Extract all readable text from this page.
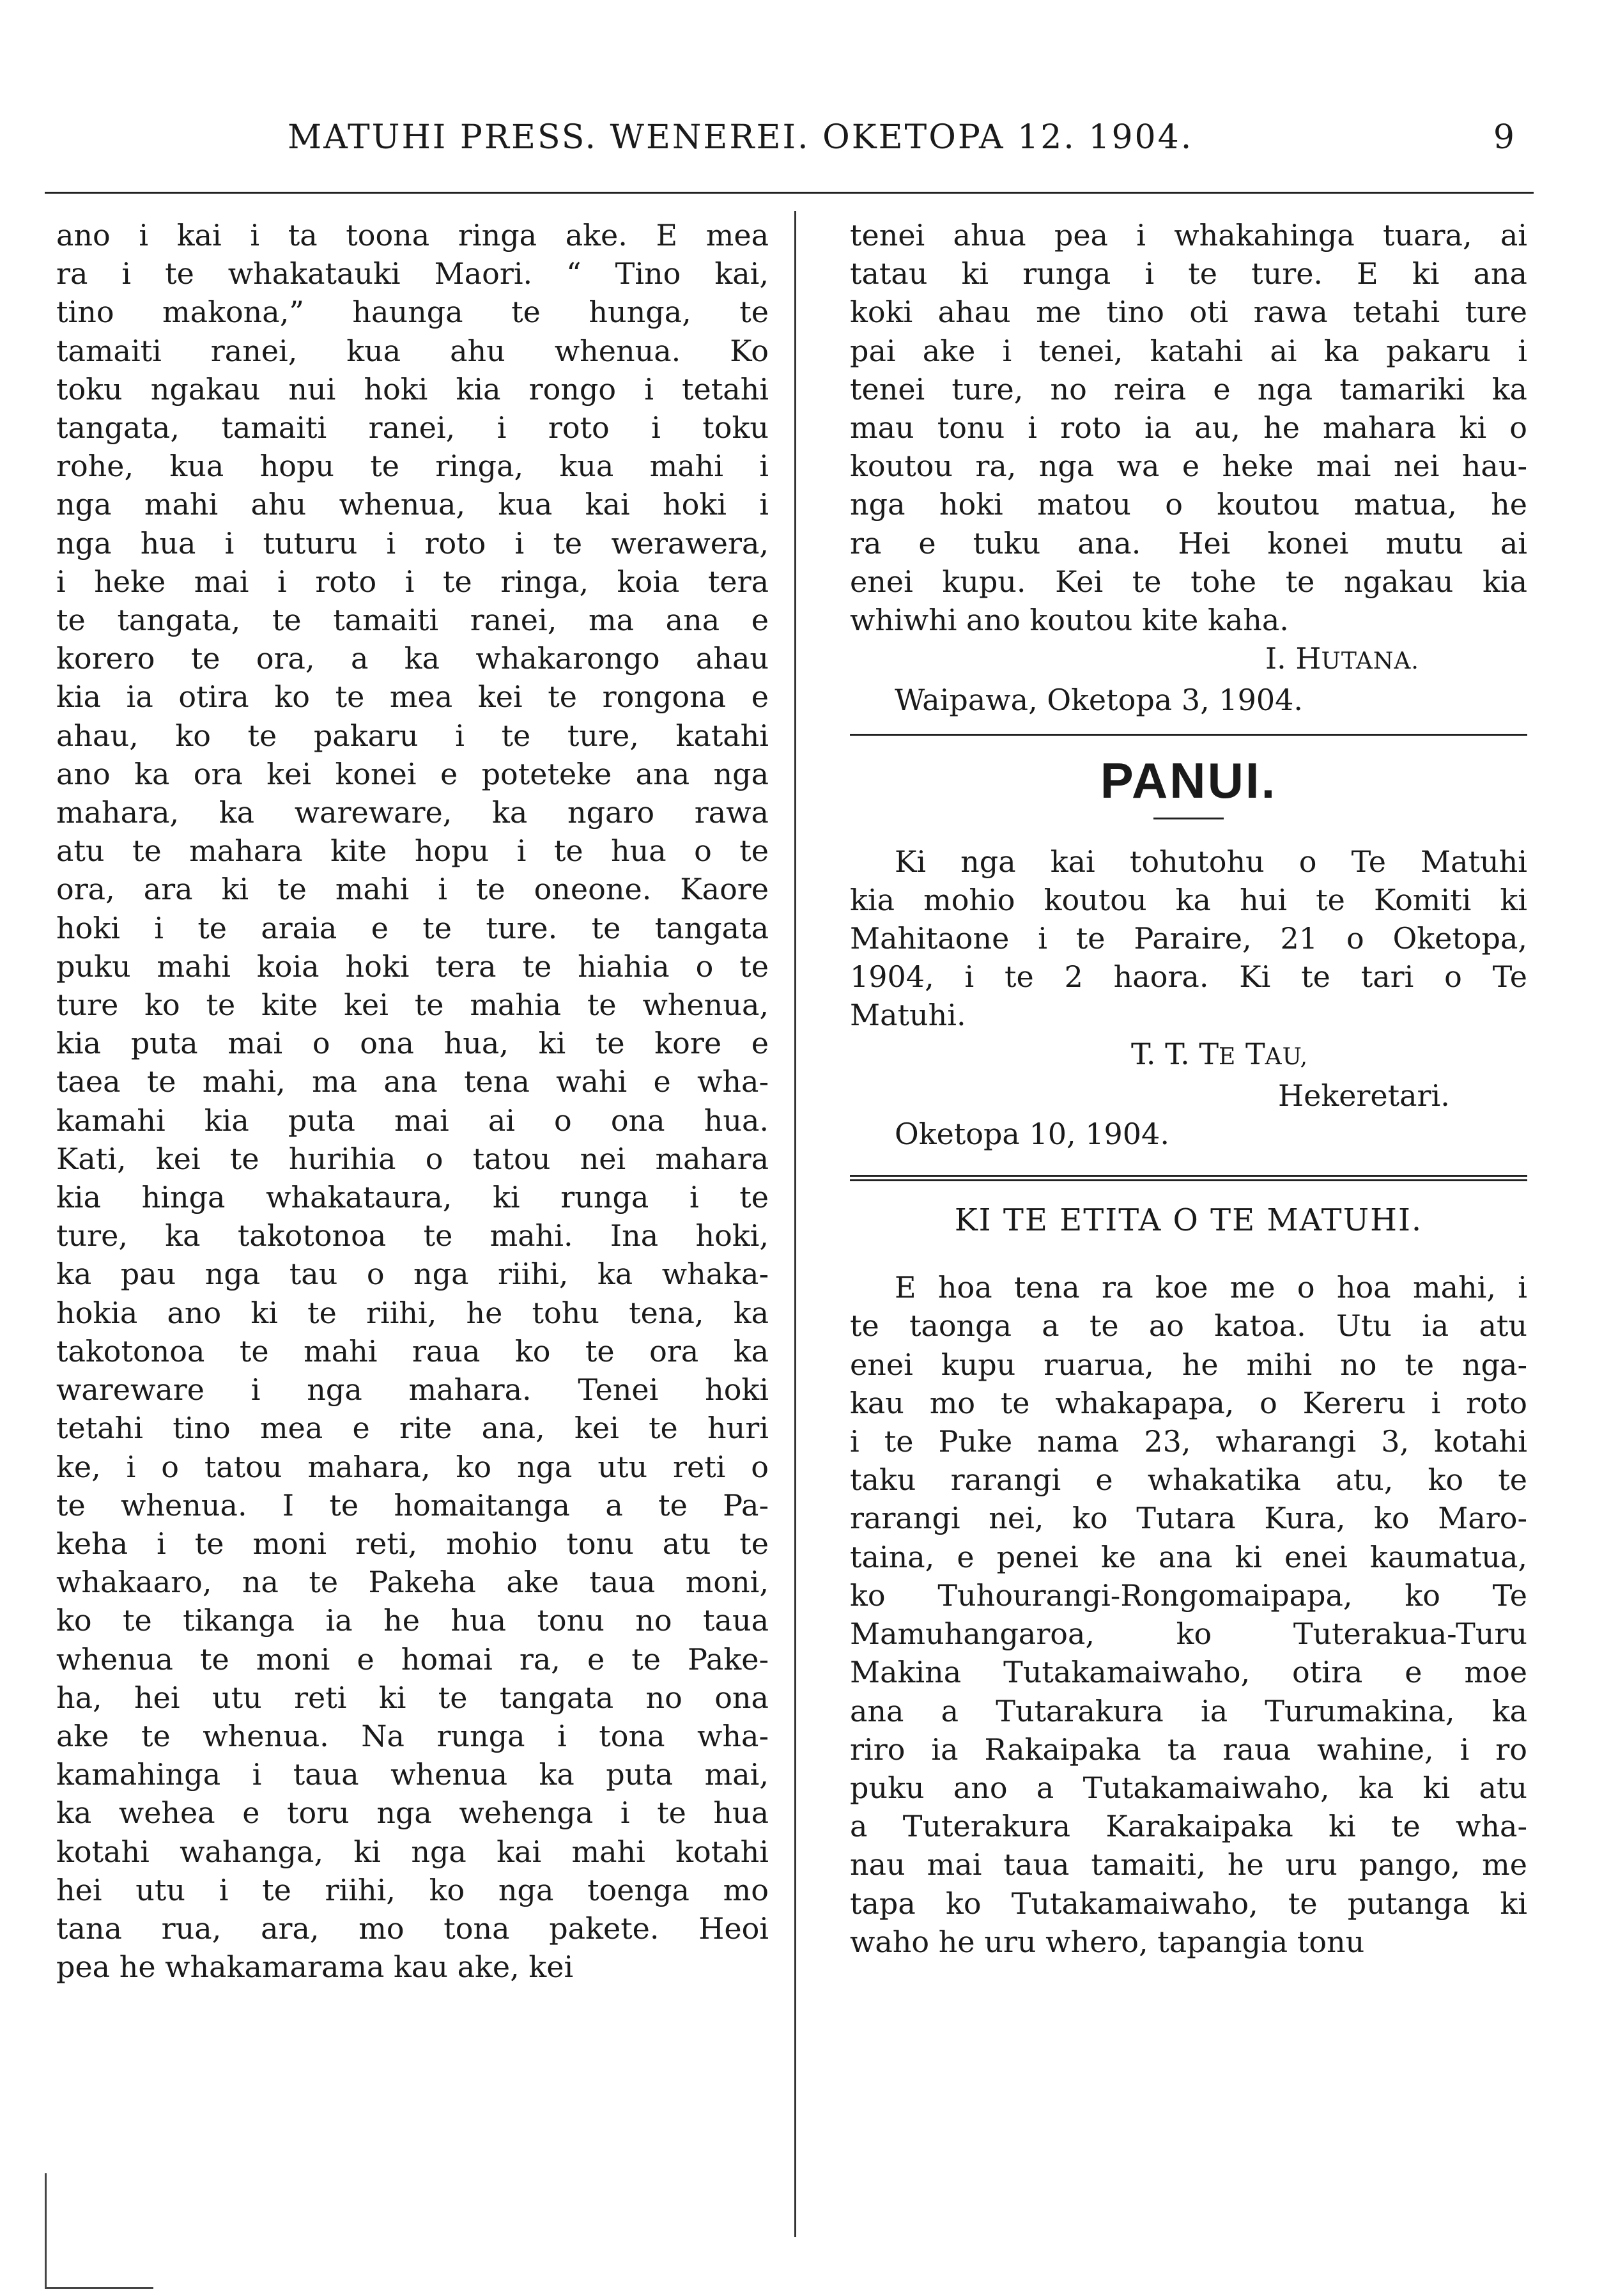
MATUHI PRESS. WENEREI. OKETOPA 12. 1904.	9
ano i kai i ta toona ringa ake. E mea
ra i te whakatauki Maori. “ Tino kai,
tino makona,” haunga te hunga, te
tamaiti ranei, kua ahu whenua. Ko
toku ngakau nui hoki kia rongo i tetahi
tangata, tamaiti ranei, i roto i toku
rohe, kua hopu te ringa, kua mahi i
nga mahi ahu whenua, kua kai hoki i
nga hua i tuturu i roto i te werawera,
i heke mai i roto i te ringa, koia tera
te tangata, te tamaiti ranei, ma ana e
korero te ora, a ka whakarongo ahau
kia ia otira ko te mea kei te rongona e
ahau, ko te pakaru i te ture, katahi
ano ka ora kei konei e poteteke ana nga
mahara, ka wareware, ka ngaro rawa
atu te mahara kite hopu i te hua o te
ora, ara ki te mahi i te oneone. Kaore
hoki i te araia e te ture. te tangata
puku mahi koia hoki tera te hiahia o te
ture ko te kite kei te mahia te whenua,
kia puta mai o ona hua, ki te kore e
taea te mahi, ma ana tena wahi e wha-
kamahi kia puta mai ai o ona hua.
Kati, kei te hurihia o tatou nei mahara
kia hinga whakataura, ki runga i te
ture, ka takotonoa te mahi. Ina hoki,
ka pau nga tau o nga riihi, ka whaka-
hokia ano ki te riihi, he tohu tena, ka
takotonoa te mahi raua ko te ora ka
wareware i nga mahara. Tenei hoki
tetahi tino mea e rite ana, kei te huri
ke, i o tatou mahara, ko nga utu reti o
te whenua. I te homaitanga a te Pa-
keha i te moni reti, mohio tonu atu te
whakaaro, na te Pakeha ake taua moni,
ko te tikanga ia he hua tonu no taua
whenua te moni e homai ra, e te Pake-
ha, hei utu reti ki te tangata no ona
ake te whenua. Na runga i tona wha-
kamahinga i taua whenua ka puta mai,
ka wehea e toru nga wehenga i te hua
kotahi wahanga, ki nga kai mahi kotahi
hei utu i te riihi, ko nga toenga mo
tana rua, ara, mo tona pakete. Heoi
pea he whakamarama kau ake, kei
tenei ahua pea i whakahinga tuara, ai
tatau ki runga i te ture. E ki ana
koki ahau me tino oti rawa tetahi ture
pai ake i tenei, katahi ai ka pakaru i
tenei ture, no reira e nga tamariki ka
mau tonu i roto ia au, he mahara ki o
koutou ra, nga wa e heke mai nei hau-
nga hoki matou o koutou matua, he
ra e tuku ana. Hei konei mutu ai
enei kupu. Kei te tohe te ngakau kia
whiwhi ano koutou kite kaha.
I. HUTANA.
Waipawa, Oketopa 3, 1904.
PANUI.
Ki nga kai tohutohu o Te Matuhi
kia mohio koutou ka hui te Komiti ki
Mahitaone i te Paraire, 21 o Oketopa,
1904, i te 2 haora. Ki te tari o Te
Matuhi.
T. T. TE TAU,
Hekeretari.
Oketopa 10, 1904.
KI TE ETITA O TE MATUHI.
E hoa tena ra koe me o hoa mahi, i
te taonga a te ao katoa. Utu ia atu
enei kupu ruarua, he mihi no te nga-
kau mo te whakapapa, o Kereru i roto
i te Puke nama 23, wharangi 3, kotahi
taku rarangi e whakatika atu, ko te
rarangi nei, ko Tutara Kura, ko Maro-
taina, e penei ke ana ki enei kaumatua,
ko Tuhourangi-Rongomaipapa, ko Te
Mamuhangaroa, ko Tuterakua-Turu
Makina Tutakamaiwaho, otira e moe
ana a Tutarakura ia Turumakina, ka
riro ia Rakaipaka ta raua wahine, i ro
puku ano a Tutakamaiwaho, ka ki atu
a Tuterakura Karakaipaka ki te wha-
nau mai taua tamaiti, he uru pango, me
tapa ko Tutakamaiwaho, te putanga ki
waho he uru whero, tapangia tonu
